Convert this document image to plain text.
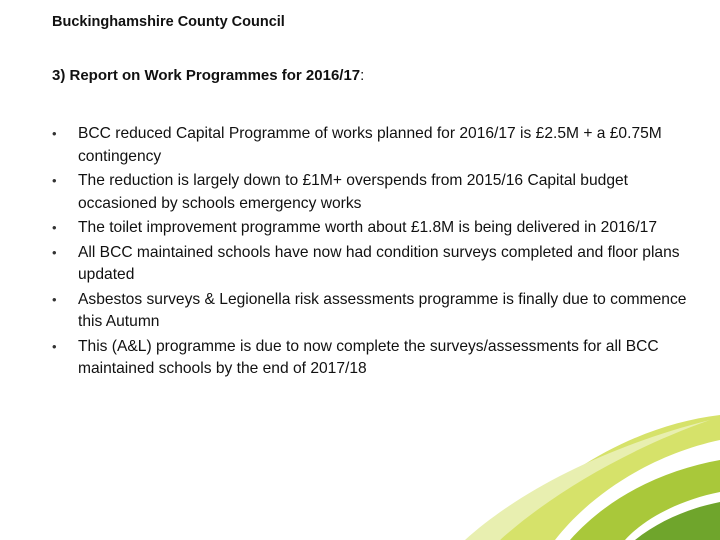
Buckinghamshire County Council
3) Report on Work Programmes for 2016/17:
•	BCC reduced Capital Programme of works planned for 2016/17 is £2.5M + a £0.75M contingency
•	The reduction is largely down to £1M+ overspends from 2015/16 Capital budget occasioned by schools emergency works
•	The toilet improvement programme worth about £1.8M is being delivered in 2016/17
•	All BCC maintained schools have now had condition surveys completed and floor plans updated
•	Asbestos surveys & Legionella risk assessments programme is finally due to commence this Autumn
•	This (A&L) programme is due to now complete the surveys/assessments for all BCC maintained schools by the end of 2017/18
